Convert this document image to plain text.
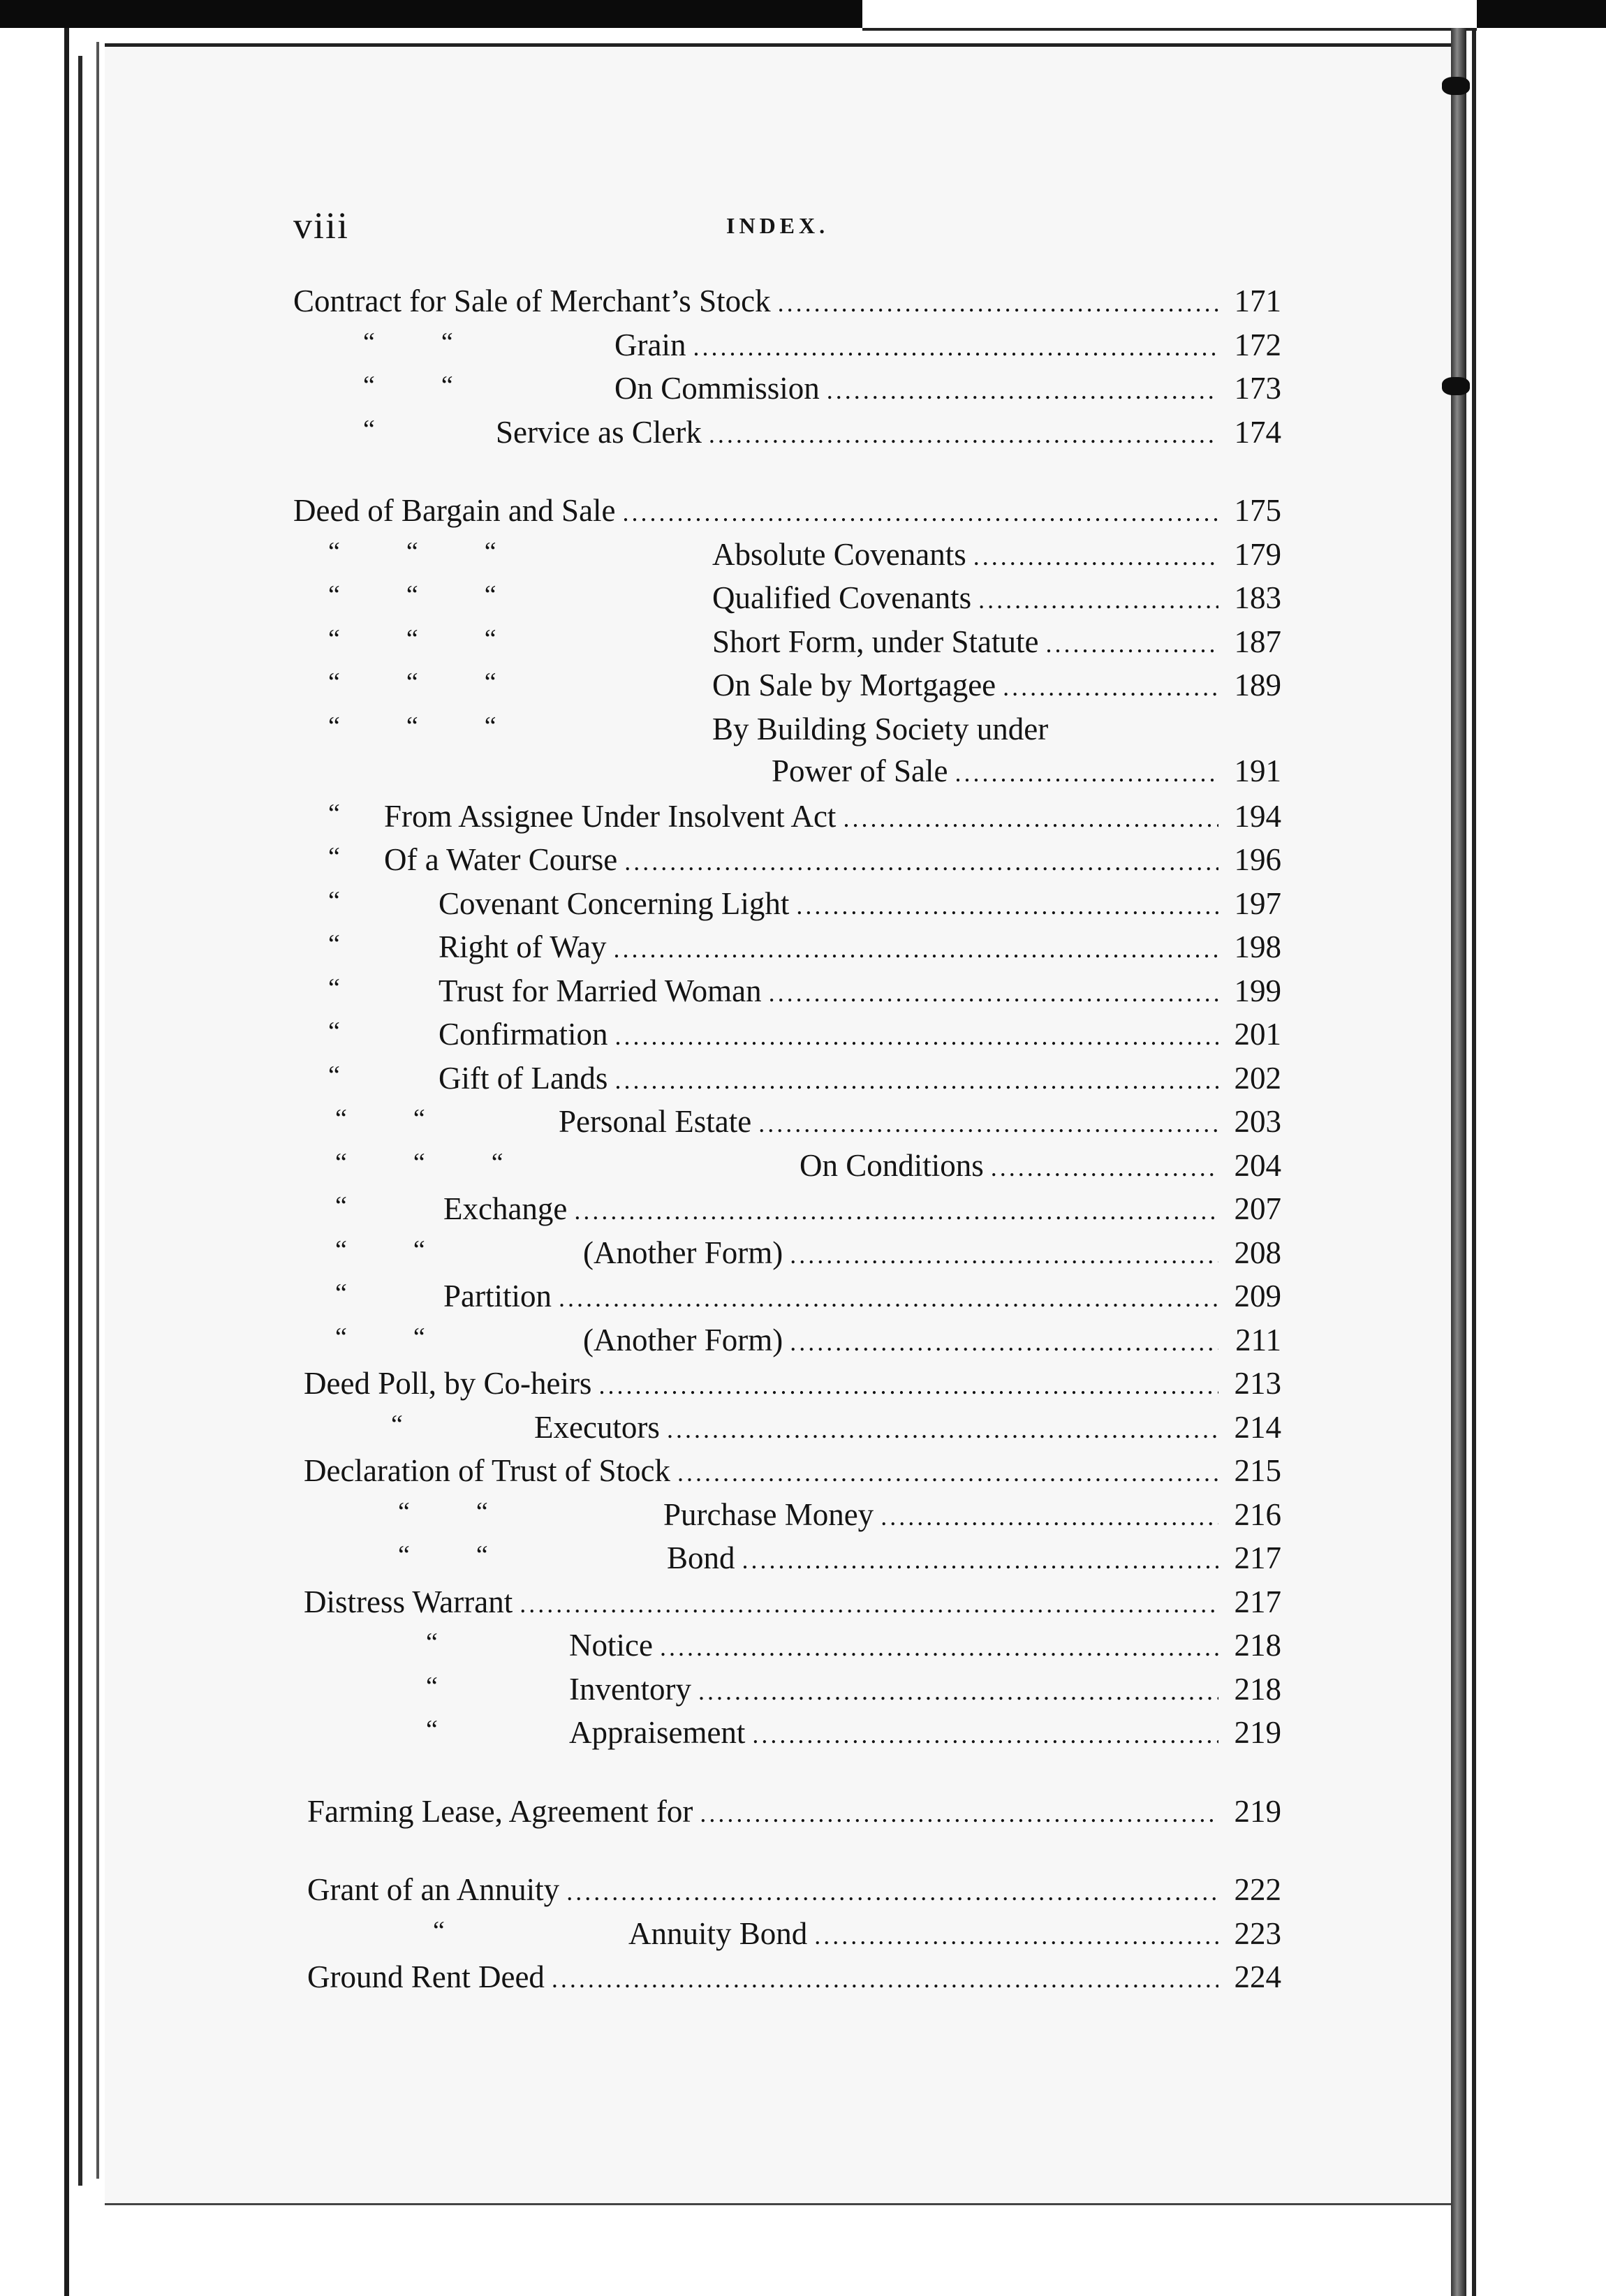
viii	INDEX.
Contract for Sale of Merchant’s Stock .....	171
“          “	Grain .....	172
“          “	On Commission .....	173
“	Service as Clerk .....	174
Deed of Bargain and Sale .....	175
“          “          “	Absolute Covenants .....	179
“          “          “	Qualified Covenants .....	183
“          “          “	Short Form, under Statute .....	187
“          “          “	On Sale by Mortgagee .....	189
“          “          “	By Building Society under
Power of Sale .....	191
“ From Assignee Under Insolvent Act .....	194
“ Of a Water Course .....	196
“	Covenant Concerning Light .....	197
“	Right of Way .....	198
“	Trust for Married Woman .....	199
“	Confirmation .....	201
“	Gift of Lands .....	202
“          “	Personal Estate .....	203
“          “          “	On Conditions .....	204
“	Exchange .....	207
“          “	(Another Form) .....	208
“	Partition .....	209
“          “	(Another Form) .....	211
Deed Poll, by Co-heirs .....	213
“	Executors .....	214
Declaration of Trust of Stock .....	215
“          “	Purchase Money .....	216
“          “	Bond .....	217
Distress Warrant .....	217
“	Notice .....	218
“	Inventory .....	218
“	Appraisement .....	219
Farming Lease, Agreement for .....	219
Grant of an Annuity .....	222
“	Annuity Bond .....	223
Ground Rent Deed .....	224
